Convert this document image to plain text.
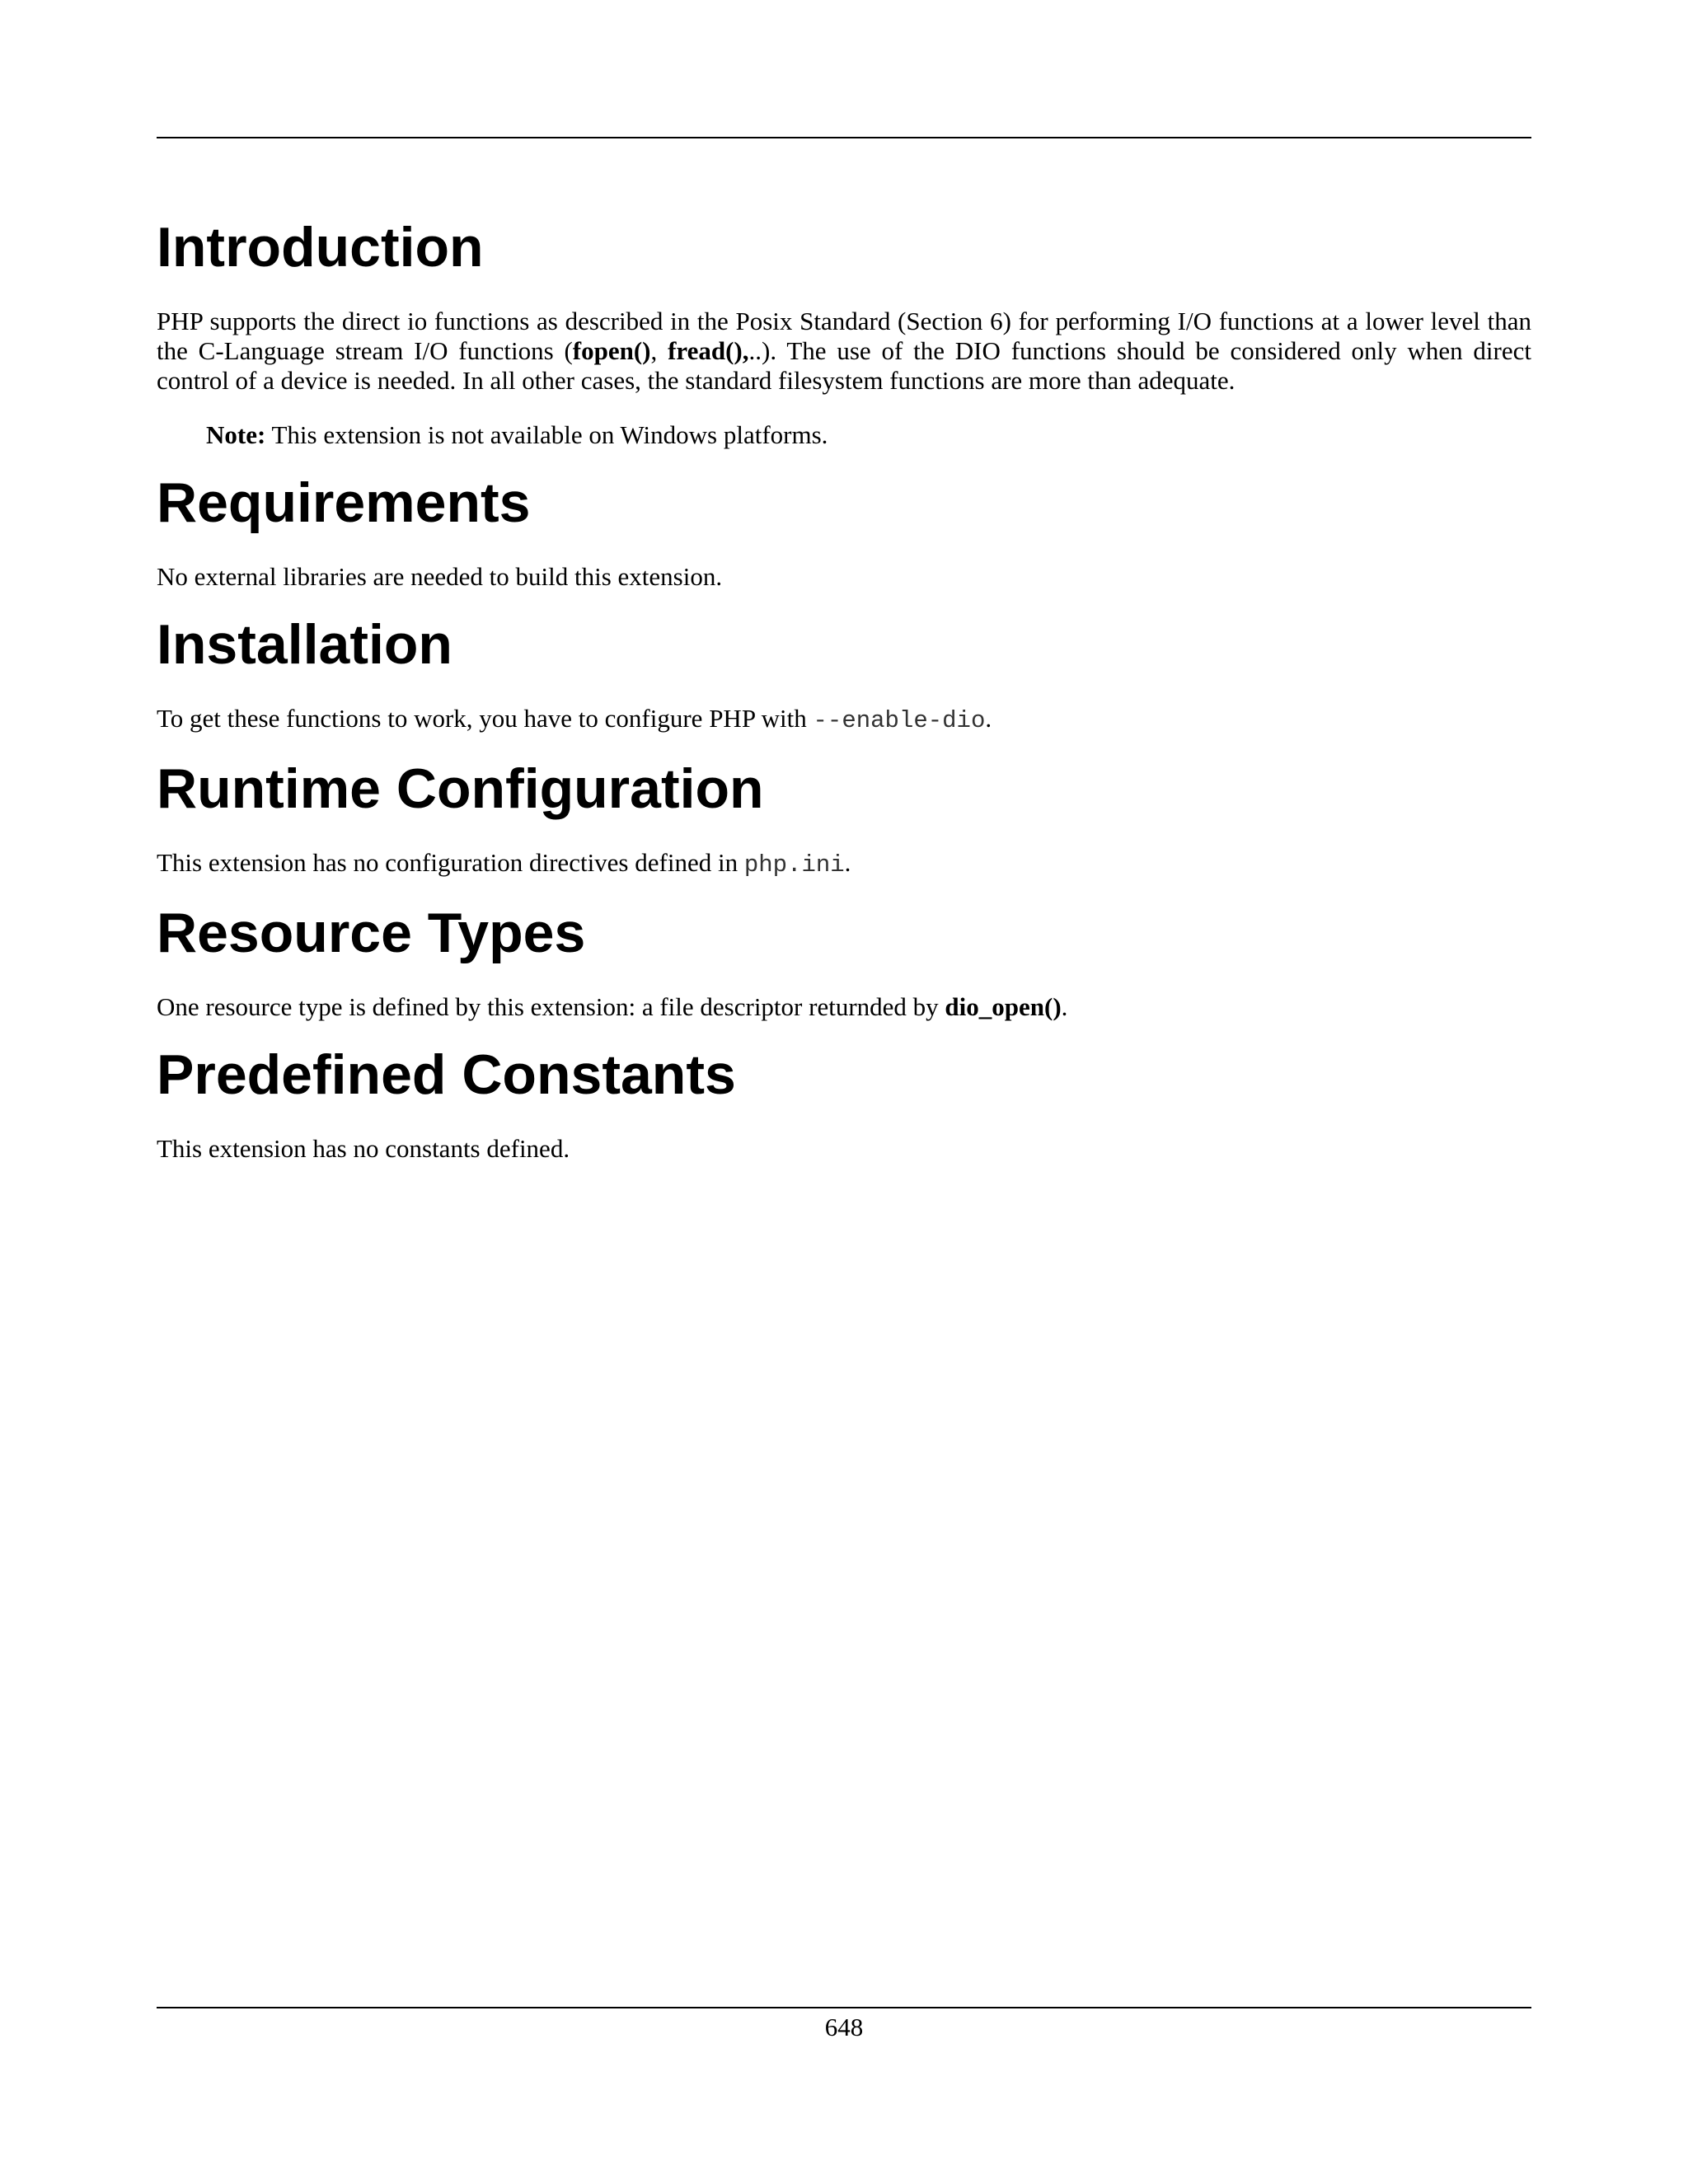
Introduction

PHP supports the direct io functions as described in the Posix Standard (Section 6) for performing I/O functions at a lower level than the C-Language stream I/O functions (fopen(), fread(),..). The use of the DIO functions should be considered only when direct control of a device is needed. In all other cases, the standard filesystem functions are more than adequate.

Note: This extension is not available on Windows platforms.

Requirements

No external libraries are needed to build this extension.

Installation

To get these functions to work, you have to configure PHP with --enable-dio.

Runtime Configuration

This extension has no configuration directives defined in php.ini.

Resource Types

One resource type is defined by this extension: a file descriptor returnded by dio_open().

Predefined Constants

This extension has no constants defined.

648
